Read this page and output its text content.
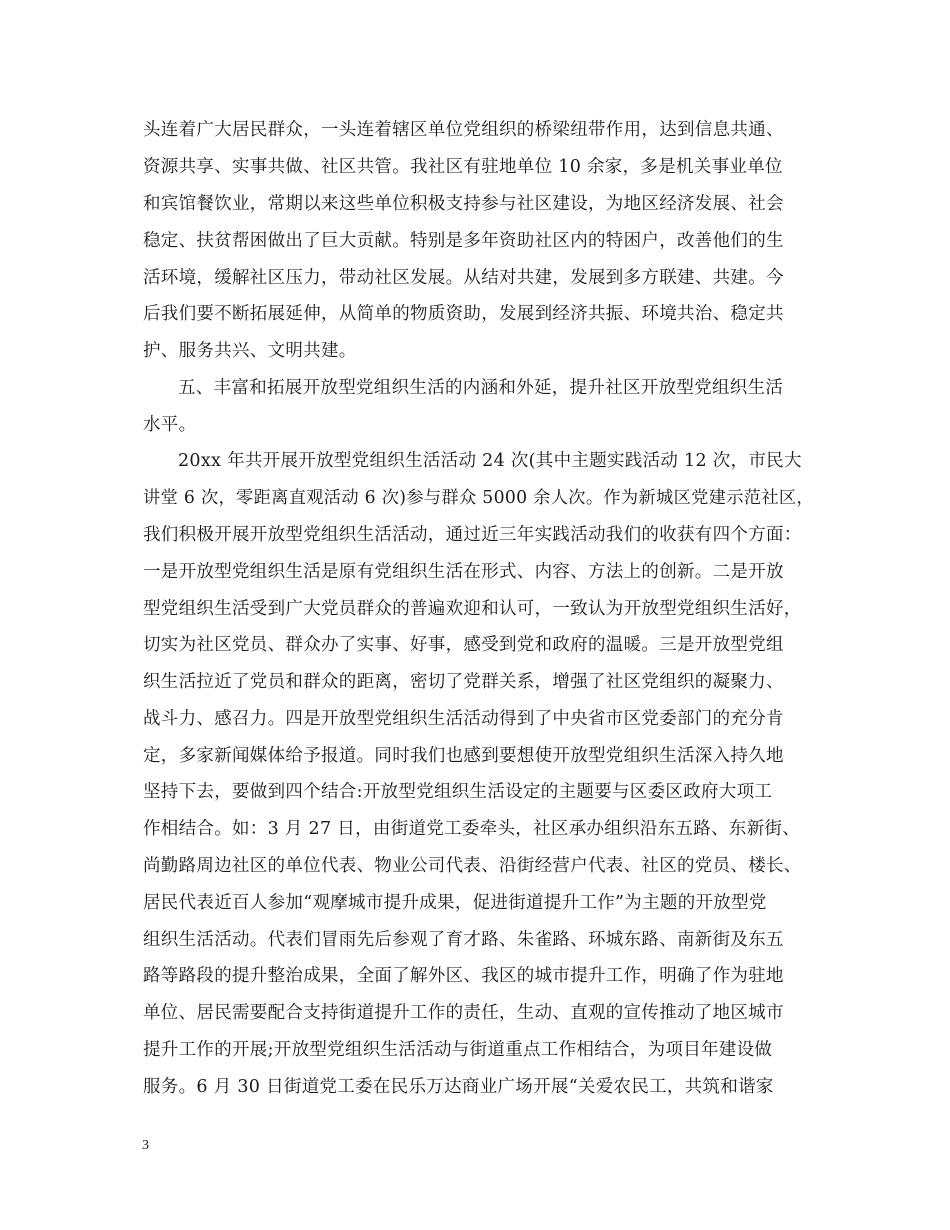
头连着广大居民群众，一头连着辖区单位党组织的桥梁纽带作用，达到信息共通、
资源共享、实事共做、社区共管。我社区有驻地单位 10 余家，多是机关事业单位
和宾馆餐饮业，常期以来这些单位积极支持参与社区建设，为地区经济发展、社会
稳定、扶贫帮困做出了巨大贡献。特别是多年资助社区内的特困户，改善他们的生
活环境，缓解社区压力，带动社区发展。从结对共建，发展到多方联建、共建。今
后我们要不断拓展延伸，从简单的物质资助，发展到经济共振、环境共治、稳定共
护、服务共兴、文明共建。
五、丰富和拓展开放型党组织生活的内涵和外延，提升社区开放型党组织生活
水平。
20xx 年共开展开放型党组织生活活动 24 次(其中主题实践活动 12 次，市民大
讲堂 6 次，零距离直观活动 6 次)参与群众 5000 余人次。作为新城区党建示范社区，
我们积极开展开放型党组织生活活动，通过近三年实践活动我们的收获有四个方面：
一是开放型党组织生活是原有党组织生活在形式、内容、方法上的创新。二是开放
型党组织生活受到广大党员群众的普遍欢迎和认可，一致认为开放型党组织生活好，
切实为社区党员、群众办了实事、好事，感受到党和政府的温暖。三是开放型党组
织生活拉近了党员和群众的距离，密切了党群关系，增强了社区党组织的凝聚力、
战斗力、感召力。四是开放型党组织生活活动得到了中央省市区党委部门的充分肯
定，多家新闻媒体给予报道。同时我们也感到要想使开放型党组织生活深入持久地
坚持下去，要做到四个结合:开放型党组织生活设定的主题要与区委区政府大项工
作相结合。如：3 月 27 日，由街道党工委牵头，社区承办组织沿东五路、东新街、
尚勤路周边社区的单位代表、物业公司代表、沿街经营户代表、社区的党员、楼长、
居民代表近百人参加“观摩城市提升成果，促进街道提升工作”为主题的开放型党
组织生活活动。代表们冒雨先后参观了育才路、朱雀路、环城东路、南新街及东五
路等路段的提升整治成果，全面了解外区、我区的城市提升工作，明确了作为驻地
单位、居民需要配合支持街道提升工作的责任，生动、直观的宣传推动了地区城市
提升工作的开展;开放型党组织生活活动与街道重点工作相结合，为项目年建设做
服务。6 月 30 日街道党工委在民乐万达商业广场开展“关爱农民工，共筑和谐家
3
